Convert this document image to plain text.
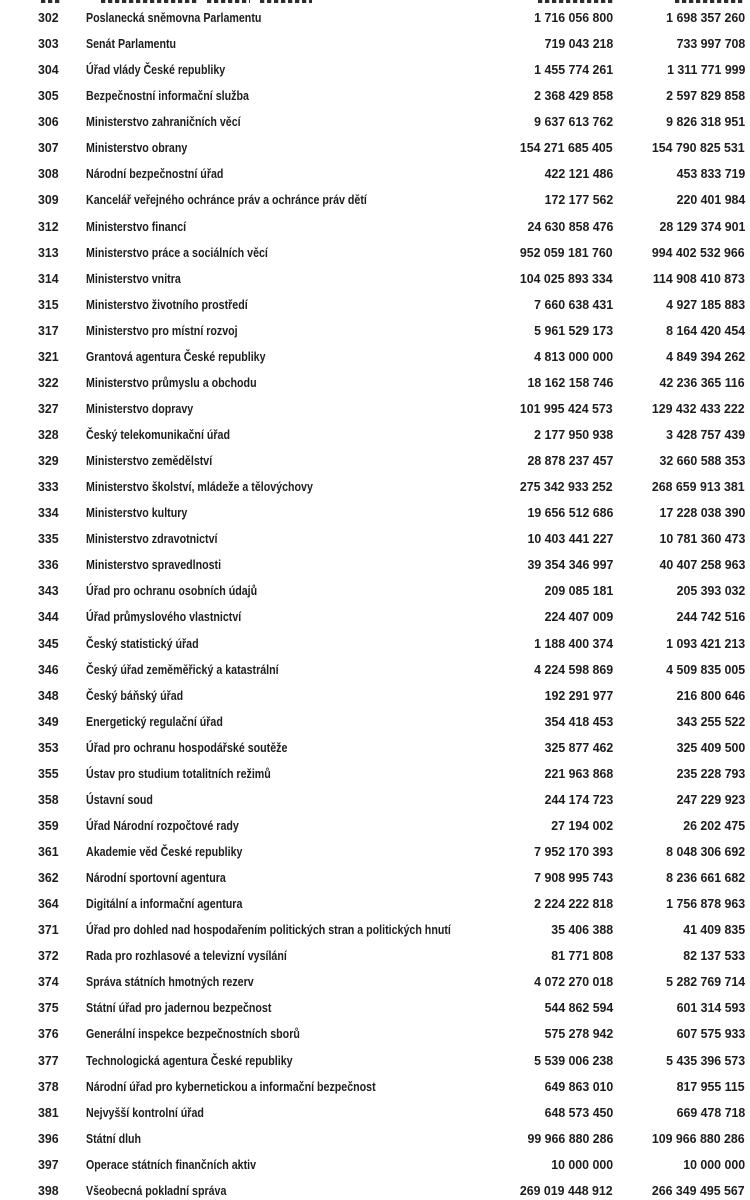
302 Poslanecká sněmovna Parlamentu	1 716 056 800	1 698 357 260
303 Senát Parlamentu	719 043 218	733 997 708
304 Úřad vlády České republiky	1 455 774 261	1 311 771 999
305 Bezpečnostní informační služba	2 368 429 858	2 597 829 858
306 Ministerstvo zahraničních věcí	9 637 613 762	9 826 318 951
307 Ministerstvo obrany	154 271 685 405	154 790 825 531
308 Národní bezpečnostní úřad	422 121 486	453 833 719
309 Kancelář veřejného ochránce práv a ochránce práv dětí	172 177 562	220 401 984
312 Ministerstvo financí	24 630 858 476	28 129 374 901
313 Ministerstvo práce a sociálních věcí	952 059 181 760	994 402 532 966
314 Ministerstvo vnitra	104 025 893 334	114 908 410 873
315 Ministerstvo životního prostředí	7 660 638 431	4 927 185 883
317 Ministerstvo pro místní rozvoj	5 961 529 173	8 164 420 454
321 Grantová agentura České republiky	4 813 000 000	4 849 394 262
322 Ministerstvo průmyslu a obchodu	18 162 158 746	42 236 365 116
327 Ministerstvo dopravy	101 995 424 573	129 432 433 222
328 Český telekomunikační úřad	2 177 950 938	3 428 757 439
329 Ministerstvo zemědělství	28 878 237 457	32 660 588 353
333 Ministerstvo školství, mládeže a tělovýchovy	275 342 933 252	268 659 913 381
334 Ministerstvo kultury	19 656 512 686	17 228 038 390
335 Ministerstvo zdravotnictví	10 403 441 227	10 781 360 473
336 Ministerstvo spravedlnosti	39 354 346 997	40 407 258 963
343 Úřad pro ochranu osobních údajů	209 085 181	205 393 032
344 Úřad průmyslového vlastnictví	224 407 009	244 742 516
345 Český statistický úřad	1 188 400 374	1 093 421 213
346 Český úřad zeměměřický a katastrální	4 224 598 869	4 509 835 005
348 Český báňský úřad	192 291 977	216 800 646
349 Energetický regulační úřad	354 418 453	343 255 522
353 Úřad pro ochranu hospodářské soutěže	325 877 462	325 409 500
355 Ústav pro studium totalitních režimů	221 963 868	235 228 793
358 Ústavní soud	244 174 723	247 229 923
359 Úřad Národní rozpočtové rady	27 194 002	26 202 475
361 Akademie věd České republiky	7 952 170 393	8 048 306 692
362 Národní sportovní agentura	7 908 995 743	8 236 661 682
364 Digitální a informační agentura	2 224 222 818	1 756 878 963
371 Úřad pro dohled nad hospodařením politických stran a politických hnutí	35 406 388	41 409 835
372 Rada pro rozhlasové a televizní vysílání	81 771 808	82 137 533
374 Správa státních hmotných rezerv	4 072 270 018	5 282 769 714
375 Státní úřad pro jadernou bezpečnost	544 862 594	601 314 593
376 Generální inspekce bezpečnostních sborů	575 278 942	607 575 933
377 Technologická agentura České republiky	5 539 006 238	5 435 396 573
378 Národní úřad pro kybernetickou a informační bezpečnost	649 863 010	817 955 115
381 Nejvyšší kontrolní úřad	648 573 450	669 478 718
396 Státní dluh	99 966 880 286	109 966 880 286
397 Operace státních finančních aktiv	10 000 000	10 000 000
398 Všeobecná pokladní správa	269 019 448 912	266 349 495 567
